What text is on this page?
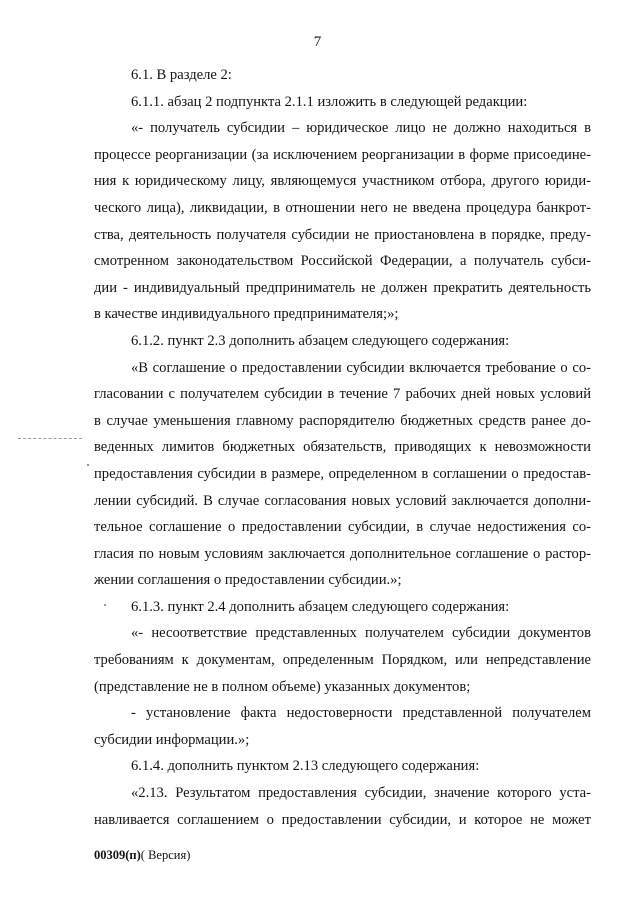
7
6.1. В разделе 2:
6.1.1. абзац 2 подпункта 2.1.1 изложить в следующей редакции:
«- получатель субсидии – юридическое лицо не должно находиться в
процессе реорганизации (за исключением реорганизации в форме присоедине-
ния к юридическому лицу, являющемуся участником отбора, другого юриди-
ческого лица), ликвидации, в отношении него не введена процедура банкрот-
ства, деятельность получателя субсидии не приостановлена в порядке, преду-
смотренном законодательством Российской Федерации, а получатель субси-
дии - индивидуальный предприниматель не должен прекратить деятельность
в качестве индивидуального предпринимателя;»;
6.1.2. пункт 2.3 дополнить абзацем следующего содержания:
«В соглашение о предоставлении субсидии включается требование о со-
гласовании с получателем субсидии в течение 7 рабочих дней новых условий
в случае уменьшения главному распорядителю бюджетных средств ранее до-
веденных лимитов бюджетных обязательств, приводящих к невозможности
предоставления субсидии в размере, определенном в соглашении о предостав-
лении субсидий. В случае согласования новых условий заключается дополни-
тельное соглашение о предоставлении субсидии, в случае недостижения со-
гласия по новым условиям заключается дополнительное соглашение о растор-
жении соглашения о предоставлении субсидии.»;
6.1.3. пункт 2.4 дополнить абзацем следующего содержания:
«- несоответствие представленных получателем субсидии документов
требованиям к документам, определенным Порядком, или непредставление
(представление не в полном объеме) указанных документов;
- установление факта недостоверности представленной получателем
субсидии информации.»;
6.1.4. дополнить пунктом 2.13 следующего содержания:
«2.13. Результатом предоставления субсидии, значение которого уста-
навливается соглашением о предоставлении субсидии, и которое не может
00309(п)( Версия)
